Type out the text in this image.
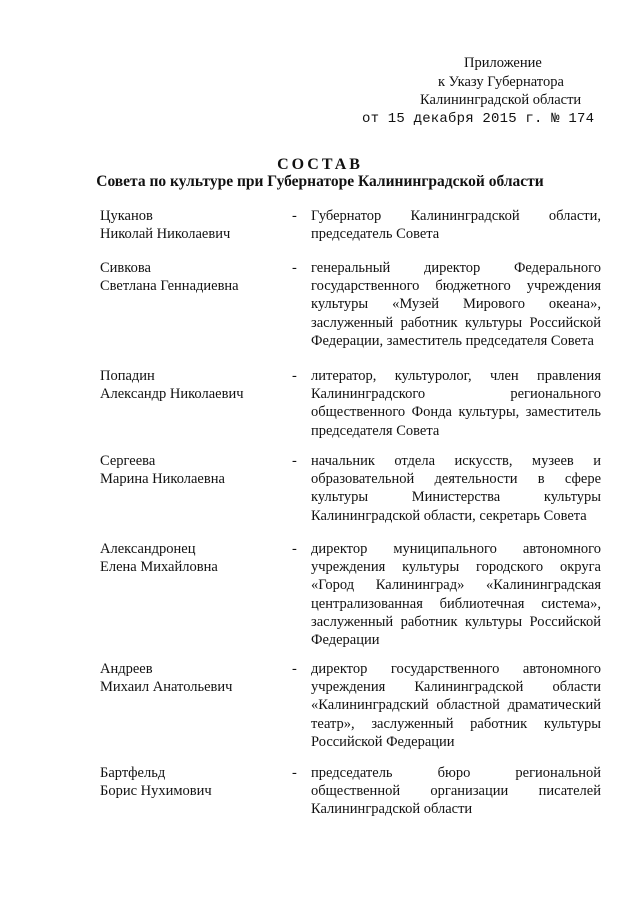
Приложение
к Указу Губернатора
Калининградской области
от 15 декабря 2015 г. № 174
СОСТАВ
Совета по культуре при Губернаторе Калининградской области
Цуканов
Николай Николаевич
- Губернатор Калининградской области, председатель Совета
Сивкова
Светлана Геннадиевна
- генеральный директор Федерального государственного бюджетного учреждения культуры «Музей Мирового океана», заслуженный работник культуры Российской Федерации, заместитель председателя Совета
Попадин
Александр Николаевич
- литератор, культуролог, член правления Калининградского регионального общественного Фонда культуры, заместитель председателя Совета
Сергеева
Марина Николаевна
- начальник отдела искусств, музеев и образовательной деятельности в сфере культуры Министерства культуры Калининградской области, секретарь Совета
Александронец
Елена Михайловна
- директор муниципального автономного учреждения культуры городского округа «Город Калининград» «Калининградская централизованная библиотечная система», заслуженный работник культуры Российской Федерации
Андреев
Михаил Анатольевич
- директор государственного автономного учреждения Калининградской области «Калининградский областной драматический театр», заслуженный работник культуры Российской Федерации
Бартфельд
Борис Нухимович
- председатель бюро региональной общественной организации писателей Калининградской области
